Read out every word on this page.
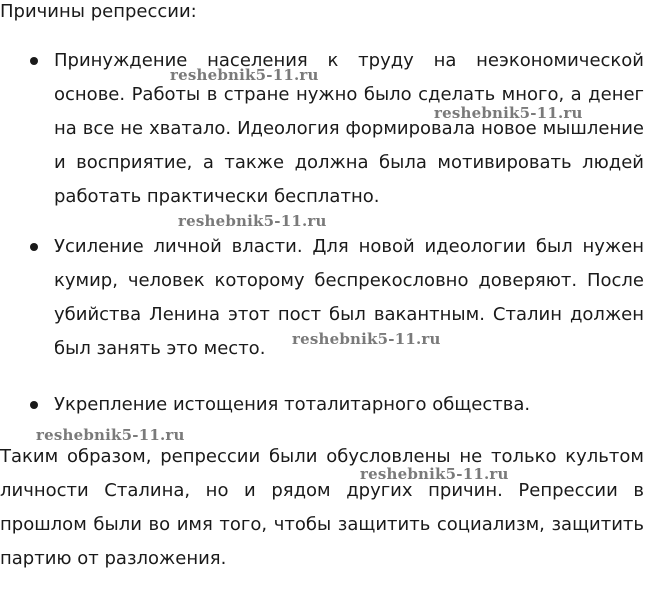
Причины репрессии:

Принуждение населения к труду на неэкономической основе. Работы в стране нужно было сделать много, а денег на все не хватало. Идеология формировала новое мышление и восприятие, а также должна была мотивировать людей работать практически бесплатно.

Усиление личной власти. Для новой идеологии был нужен кумир, человек которому беспрекословно доверяют. После убийства Ленина этот пост был вакантным. Сталин должен был занять это место.

Укрепление истощения тоталитарного общества.

Таким образом, репрессии были обусловлены не только культом личности Сталина, но и рядом других причин. Репрессии в прошлом были во имя того, чтобы защитить социализм, защитить партию от разложения.

reshebnik5-11.ru
reshebnik5-11.ru
reshebnik5-11.ru
reshebnik5-11.ru
reshebnik5-11.ru
reshebnik5-11.ru
